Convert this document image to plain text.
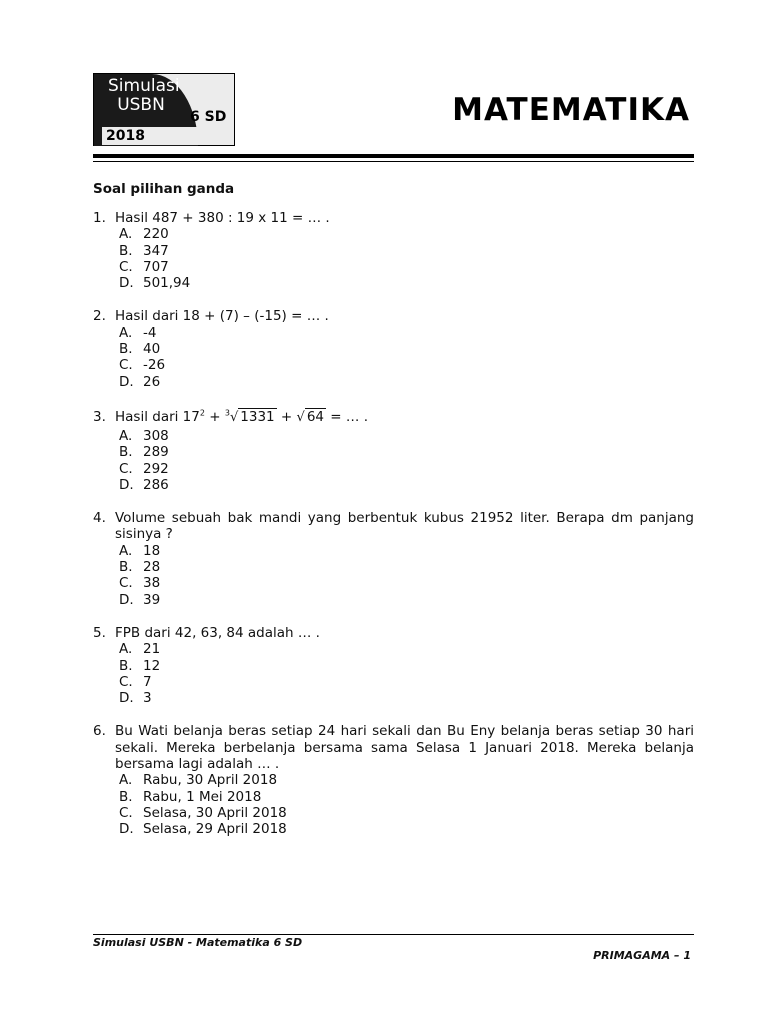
Simulasi USBN
6 SD
2018
MATEMATIKA
Soal pilihan ganda
1. Hasil 487 + 380 : 19 x 11 = … .
A. 220
B. 347
C. 707
D. 501,94
2. Hasil dari 18 + (7) – (-15) = … .
A. -4
B. 40
C. -26
D. 26
3. Hasil dari $17^2 + ^3√$ 1331 + √ 64 = … .
A. 308
B. 289
C. 292
D. 286
4. Volume sebuah bak mandi yang berbentuk kubus 21952 liter. Berapa dm panjang sisinya ?
A. 18
B. 28
C. 38
D. 39
5. FPB dari 42, 63, 84 adalah … .
A. 21
B. 12
C. 7
D. 3
6. Bu Wati belanja beras setiap 24 hari sekali dan Bu Eny belanja beras setiap 30 hari sekali. Mereka berbelanja bersama sama Selasa 1 Januari 2018. Mereka belanja bersama lagi adalah … .
A. Rabu, 30 April 2018
B. Rabu, 1 Mei 2018
C. Selasa, 30 April 2018
D. Selasa, 29 April 2018
Simulasi USBN - Matematika 6 SD
PRIMAGAMA – 1
